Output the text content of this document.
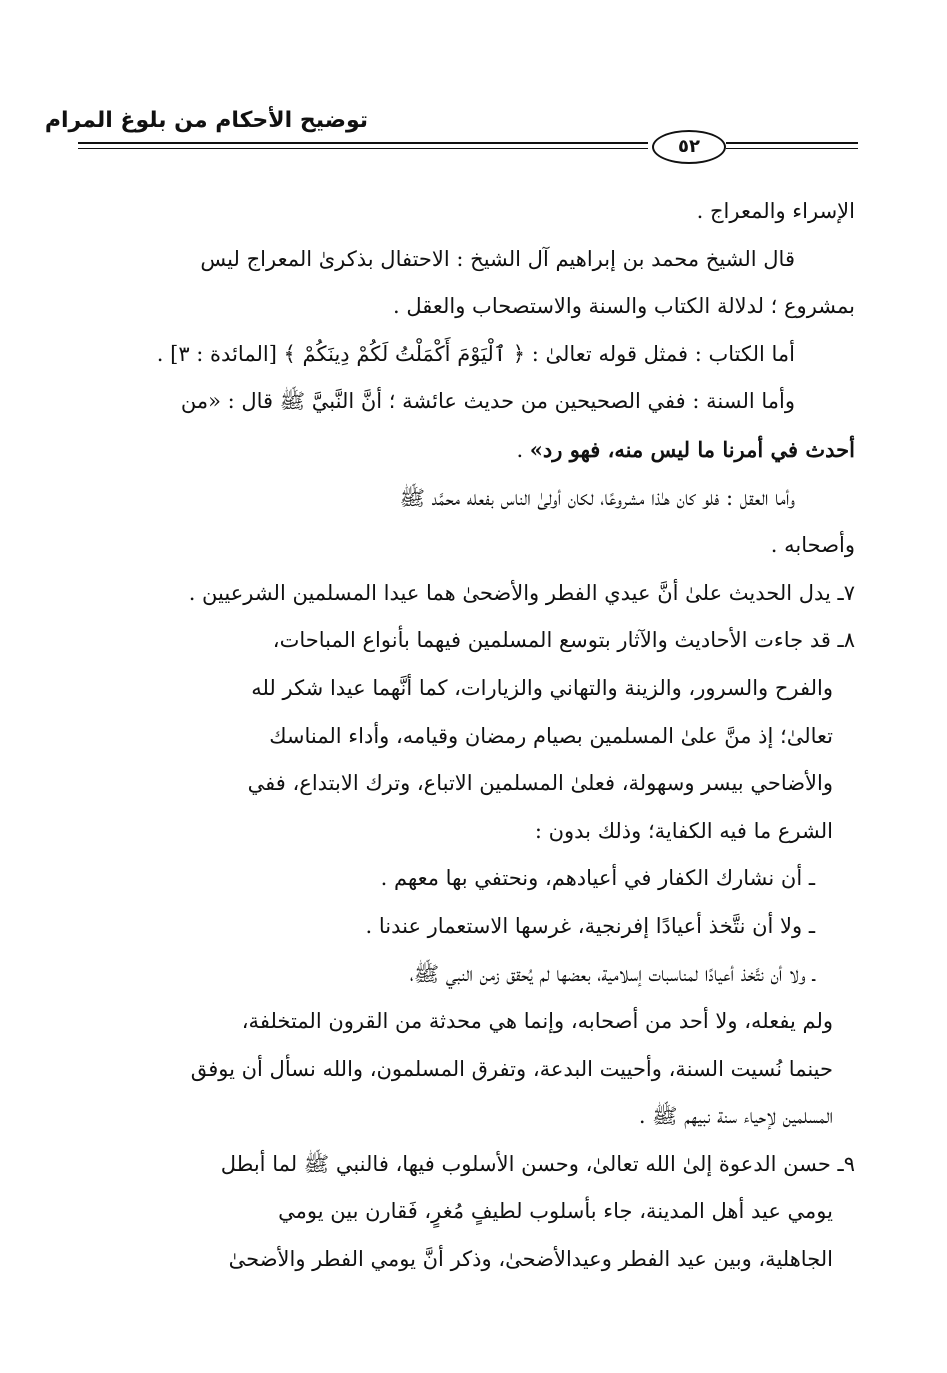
توضيح الأحكام من بلوغ المرام
٥٢

الإسراء والمعراج .

قال الشيخ محمد بن إبراهيم آل الشيخ : الاحتفال بذكرىٰ المعراج ليس

بمشروع ؛ لدلالة الكتاب والسنة والاستصحاب والعقل .

أما الكتاب : فمثل قوله تعالىٰ : ﴿ ٱلْيَوْمَ أَكْمَلْتُ لَكُمْ دِينَكُمْ ﴾ [المائدة : ٣] .

وأما السنة : ففي الصحيحين من حديث عائشة ؛ أنَّ النَّبيَّ ﷺ قال : «من

أحدث في أمرنا ما ليس منه، فهو رد» .

وأما العقل : فلو كان هـٰذا مشروعًا، لكان أولىٰ الناس بفعله محمَّد ﷺ

وأصحابه .

٧ـ يدل الحديث علىٰ أنَّ عيدي الفطر والأضحىٰ هما عيدا المسلمين الشرعيين .

٨ـ قد جاءت الأحاديث والآثار بتوسع المسلمين فيهما بأنواع المباحات،

والفرح والسرور، والزينة والتهاني والزيارات، كما أنَّهما عيدا شكر لله

تعالىٰ؛ إذ منَّ علىٰ المسلمين بصيام رمضان وقيامه، وأداء المناسك

والأضاحي بيسر وسهولة، فعلىٰ المسلمين الاتباع، وترك الابتداع، ففي

الشرع ما فيه الكفاية؛ وذلك بدون :

ـ أن نشارك الكفار في أعيادهم، ونحتفي بها معهم .

ـ ولا أن نتَّخذ أعيادًا إفرنجية، غرسها الاستعمار عندنا .

ـ ولا أن نتَّخذ أعيادًا لمناسبات إسلامية، بعضها لم يُحقق زمن النبي ﷺ،

ولم يفعله، ولا أحد من أصحابه، وإنما هي محدثة من القرون المتخلفة،

حينما نُسيت السنة، وأحييت البدعة، وتفرق المسلمون، والله نسأل أن يوفق

المسلمين لإحياء سنة نبيهم ﷺ .

٩ـ حسن الدعوة إلىٰ الله تعالىٰ، وحسن الأسلوب فيها، فالنبي ﷺ لما أبطل

يومي عيد أهل المدينة، جاء بأسلوب لطيفٍ مُغرٍ، فَقارن بين يومي

الجاهلية، وبين عيد الفطر وعيدالأضحىٰ، وذكر أنَّ يومي الفطر والأضحىٰ
